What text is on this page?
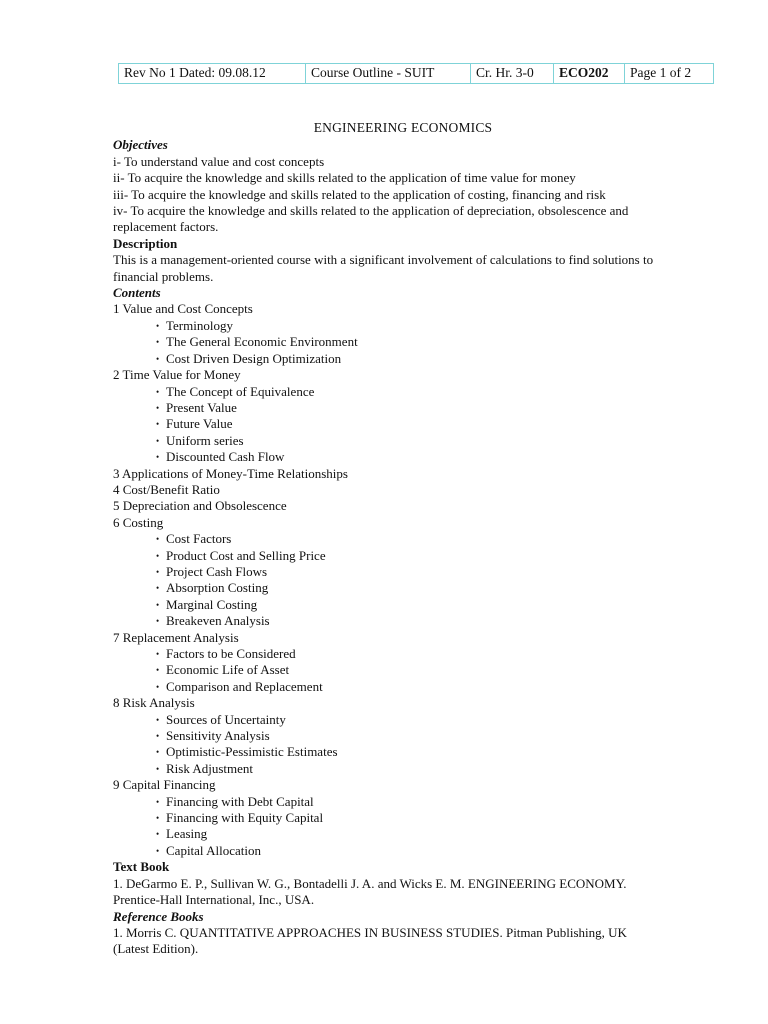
Rev No 1 Dated: 09.08.12	Course Outline - SUIT	Cr. Hr. 3-0	ECO202	Page 1 of 2
ENGINEERING ECONOMICS
Objectives
i- To understand value and cost concepts
ii- To acquire the knowledge and skills related to the application of time value for money
iii- To acquire the knowledge and skills related to the application of costing, financing and risk
iv- To acquire the knowledge and skills related to the application of depreciation, obsolescence and
replacement factors.
Description
This is a management-oriented course with a significant involvement of calculations to find solutions to
financial problems.
Contents
1 Value and Cost Concepts
• Terminology
• The General Economic Environment
• Cost Driven Design Optimization
2 Time Value for Money
• The Concept of Equivalence
• Present Value
• Future Value
• Uniform series
• Discounted Cash Flow
3 Applications of Money-Time Relationships
4 Cost/Benefit Ratio
5 Depreciation and Obsolescence
6 Costing
• Cost Factors
• Product Cost and Selling Price
• Project Cash Flows
• Absorption Costing
• Marginal Costing
• Breakeven Analysis
7 Replacement Analysis
• Factors to be Considered
• Economic Life of Asset
• Comparison and Replacement
8 Risk Analysis
• Sources of Uncertainty
• Sensitivity Analysis
• Optimistic-Pessimistic Estimates
• Risk Adjustment
9 Capital Financing
• Financing with Debt Capital
• Financing with Equity Capital
• Leasing
• Capital Allocation
Text Book
1. DeGarmo E. P., Sullivan W. G., Bontadelli J. A. and Wicks E. M. ENGINEERING ECONOMY.
Prentice-Hall International, Inc., USA.
Reference Books
1. Morris C. QUANTITATIVE APPROACHES IN BUSINESS STUDIES. Pitman Publishing, UK
(Latest Edition).
